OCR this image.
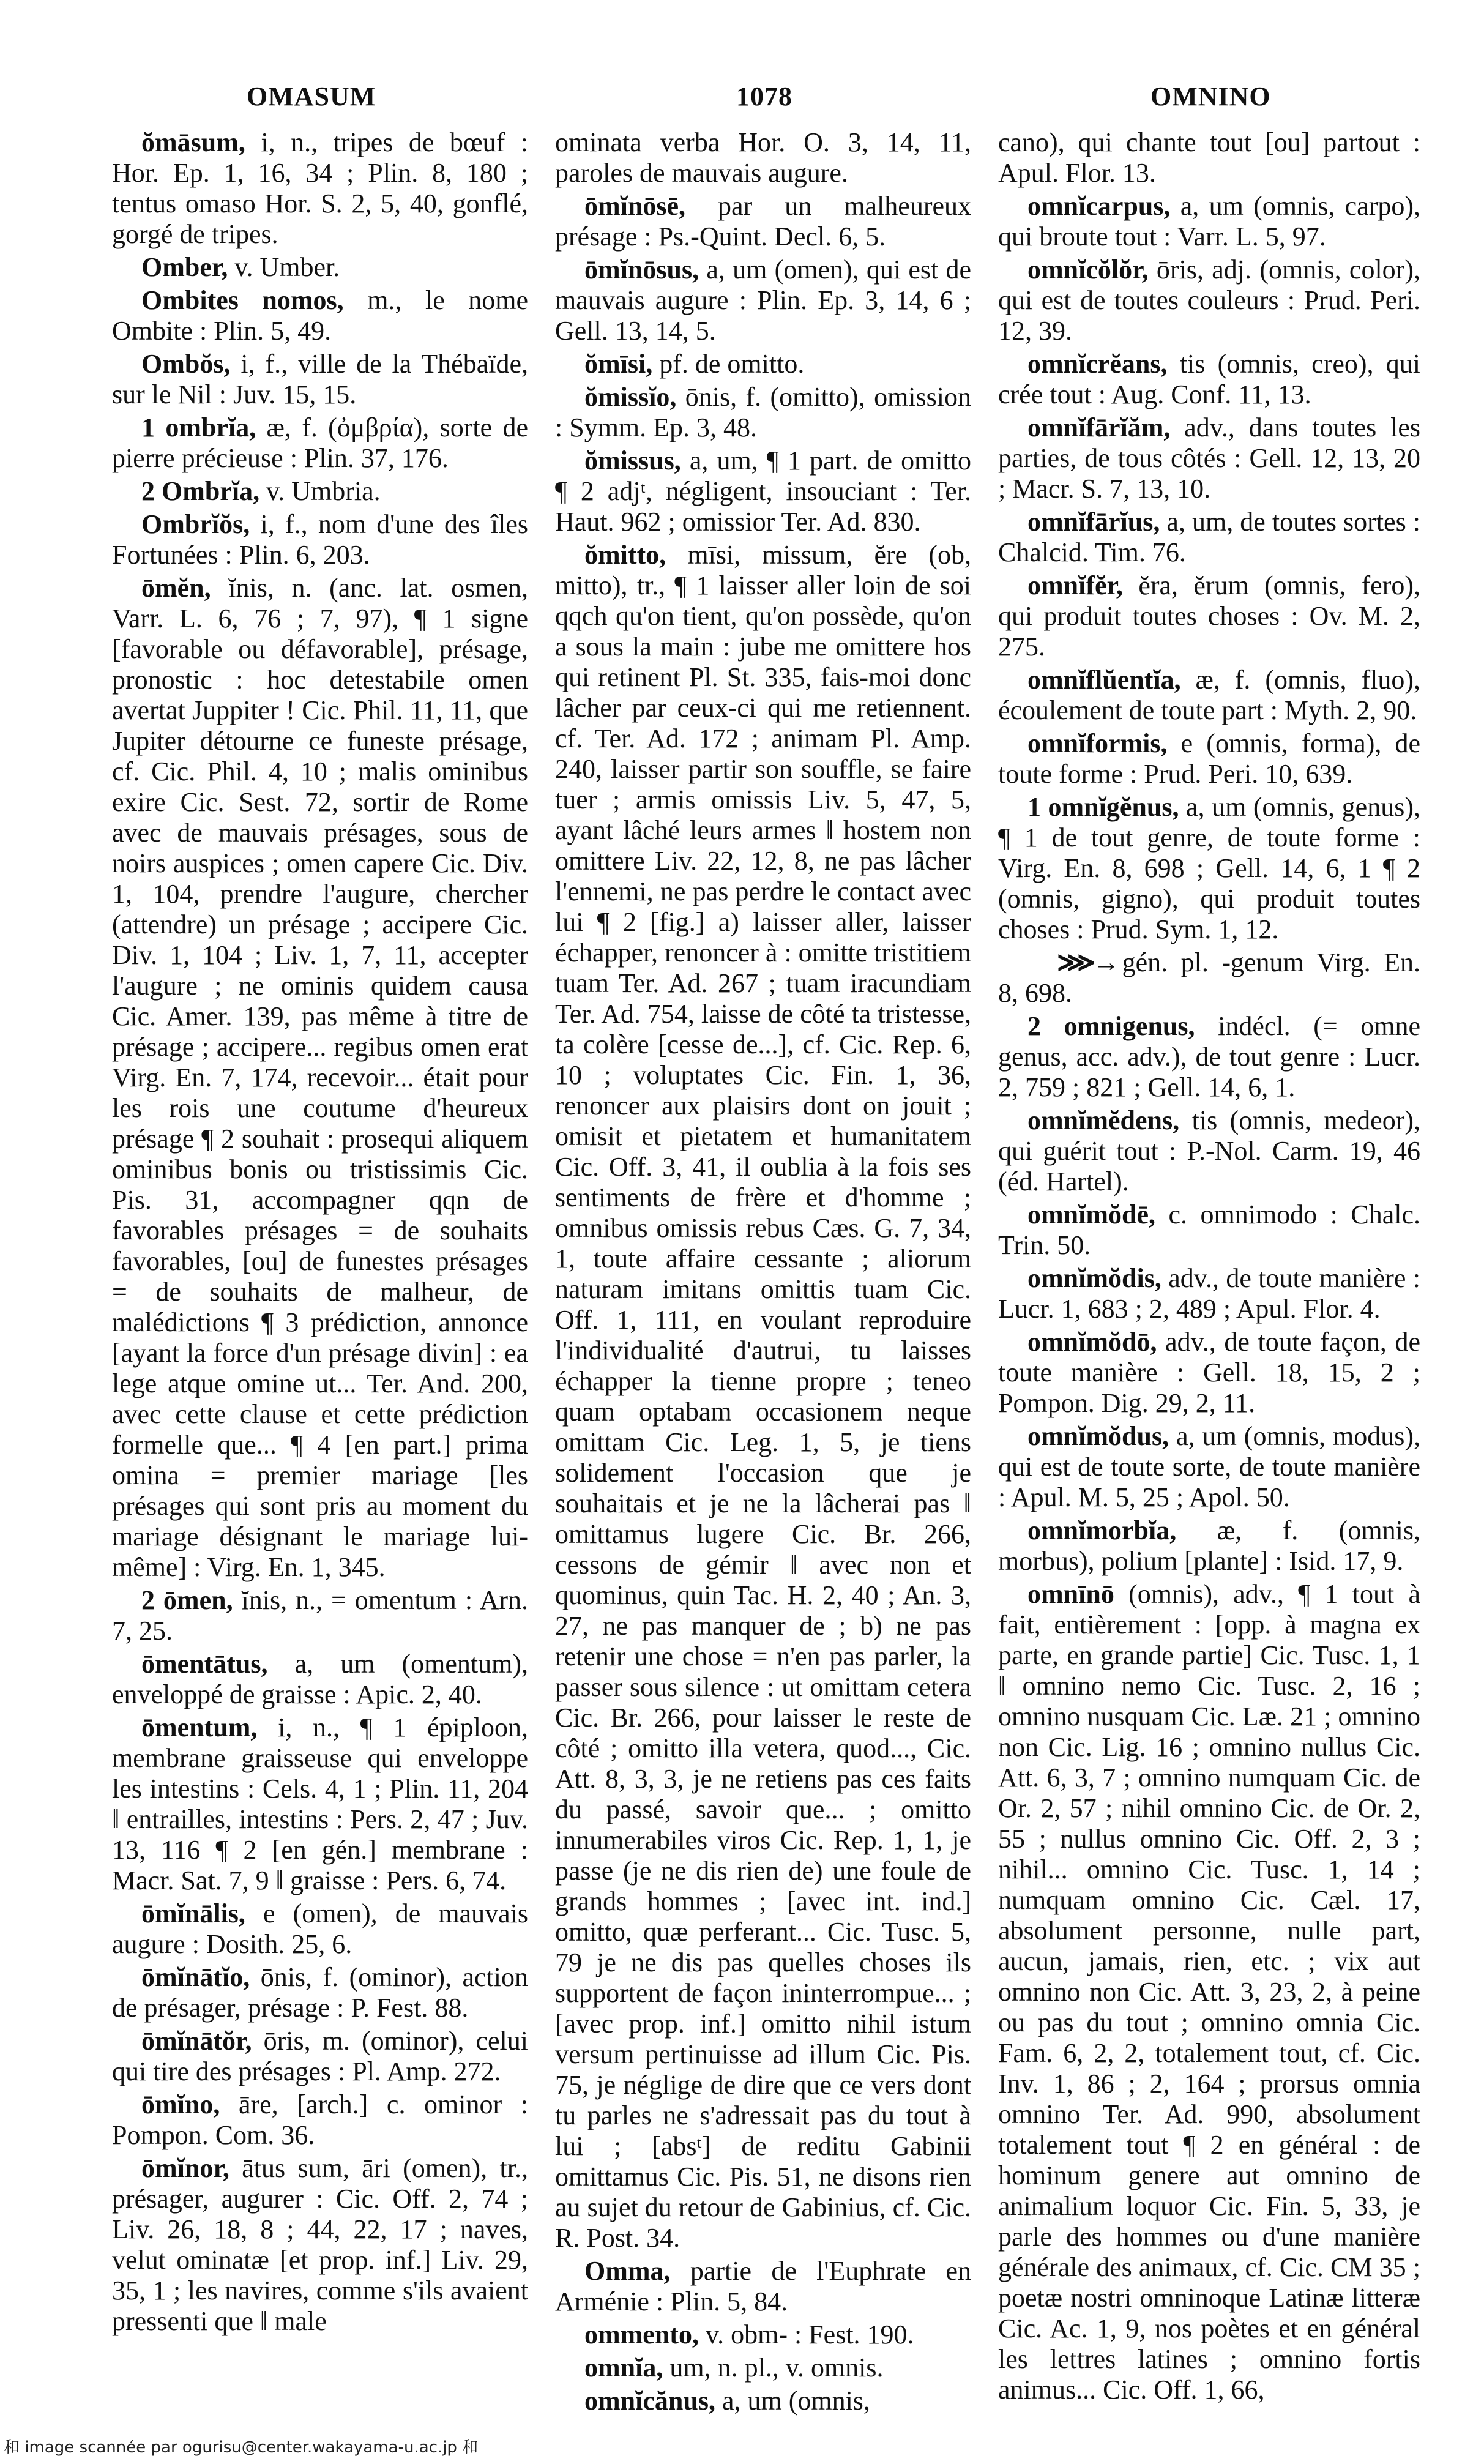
OMASUM	1078	OMNINO

ŏmāsum, i, n., tripes de bœuf : Hor. Ep. 1, 16, 34 ; Plin. 8, 180 ; tentus omaso Hor. S. 2, 5, 40, gonflé, gorgé de tripes.

Omber, v. Umber.

Ombites nomos, m., le nome Ombite : Plin. 5, 49.

Ombŏs, i, f., ville de la Thébaïde, sur le Nil : Juv. 15, 15.

1 ombrĭa, æ, f. (ὀμβρία), sorte de pierre précieuse : Plin. 37, 176.

2 Ombrĭa, v. Umbria.

Ombrĭŏs, i, f., nom d'une des îles Fortunées : Plin. 6, 203.

ōmĕn, ĭnis, n. (anc. lat. osmen, Varr. L. 6, 76 ; 7, 97), ¶ 1 signe [favorable ou défavorable], présage, pronostic : hoc detestabile omen avertat Juppiter ! Cic. Phil. 11, 11, que Jupiter détourne ce funeste présage, cf. Cic. Phil. 4, 10 ; malis ominibus exire Cic. Sest. 72, sortir de Rome avec de mauvais présages, sous de noirs auspices ; omen capere Cic. Div. 1, 104, prendre l'augure, chercher (attendre) un présage ; accipere Cic. Div. 1, 104 ; Liv. 1, 7, 11, accepter l'augure ; ne ominis quidem causa Cic. Amer. 139, pas même à titre de présage ; accipere... regibus omen erat Virg. En. 7, 174, recevoir... était pour les rois une coutume d'heureux présage ¶ 2 souhait : prosequi aliquem ominibus bonis ou tristissimis Cic. Pis. 31, accompagner qqn de favorables présages = de souhaits favorables, [ou] de funestes présages = de souhaits de malheur, de malédictions ¶ 3 prédiction, annonce [ayant la force d'un présage divin] : ea lege atque omine ut... Ter. And. 200, avec cette clause et cette prédiction formelle que... ¶ 4 [en part.] prima omina = premier mariage [les présages qui sont pris au moment du mariage désignant le mariage lui-même] : Virg. En. 1, 345.

2 ōmen, ĭnis, n., = omentum : Arn. 7, 25.

ōmentātus, a, um (omentum), enveloppé de graisse : Apic. 2, 40.

ōmentum, i, n., ¶ 1 épiploon, membrane graisseuse qui enveloppe les intestins : Cels. 4, 1 ; Plin. 11, 204 ‖ entrailles, intestins : Pers. 2, 47 ; Juv. 13, 116 ¶ 2 [en gén.] membrane : Macr. Sat. 7, 9 ‖ graisse : Pers. 6, 74.

ōmĭnālis, e (omen), de mauvais augure : Dosith. 25, 6.

ōmĭnātĭo, ōnis, f. (ominor), action de présager, présage : P. Fest. 88.

ōmĭnātŏr, ōris, m. (ominor), celui qui tire des présages : Pl. Amp. 272.

ōmĭno, āre, [arch.] c. ominor : Pompon. Com. 36.

ōmĭnor, ātus sum, āri (omen), tr., présager, augurer : Cic. Off. 2, 74 ; Liv. 26, 18, 8 ; 44, 22, 17 ; naves, velut ominatæ [et prop. inf.] Liv. 29, 35, 1 ; les navires, comme s'ils avaient pressenti que ‖ male

ominata verba Hor. O. 3, 14, 11, paroles de mauvais augure.

ōmĭnōsē, par un malheureux présage : Ps.-Quint. Decl. 6, 5.

ōmĭnōsus, a, um (omen), qui est de mauvais augure : Plin. Ep. 3, 14, 6 ; Gell. 13, 14, 5.

ŏmīsi, pf. de omitto.

ŏmissĭo, ōnis, f. (omitto), omission : Symm. Ep. 3, 48.

ŏmissus, a, um, ¶ 1 part. de omitto ¶ 2 adjᵗ, négligent, insouciant : Ter. Haut. 962 ; omissior Ter. Ad. 830.

ŏmitto, mīsi, missum, ĕre (ob, mitto), tr., ¶ 1 laisser aller loin de soi qqch qu'on tient, qu'on possède, qu'on a sous la main : jube me omittere hos qui retinent Pl. St. 335, fais-moi donc lâcher par ceux-ci qui me retiennent. cf. Ter. Ad. 172 ; animam Pl. Amp. 240, laisser partir son souffle, se faire tuer ; armis omissis Liv. 5, 47, 5, ayant lâché leurs armes ‖ hostem non omittere Liv. 22, 12, 8, ne pas lâcher l'ennemi, ne pas perdre le contact avec lui ¶ 2 [fig.] a) laisser aller, laisser échapper, renoncer à : omitte tristitiem tuam Ter. Ad. 267 ; tuam iracundiam Ter. Ad. 754, laisse de côté ta tristesse, ta colère [cesse de...], cf. Cic. Rep. 6, 10 ; voluptates Cic. Fin. 1, 36, renoncer aux plaisirs dont on jouit ; omisit et pietatem et humanitatem Cic. Off. 3, 41, il oublia à la fois ses sentiments de frère et d'homme ; omnibus omissis rebus Cæs. G. 7, 34, 1, toute affaire cessante ; aliorum naturam imitans omittis tuam Cic. Off. 1, 111, en voulant reproduire l'individualité d'autrui, tu laisses échapper la tienne propre ; teneo quam optabam occasionem neque omittam Cic. Leg. 1, 5, je tiens solidement l'occasion que je souhaitais et je ne la lâcherai pas ‖ omittamus lugere Cic. Br. 266, cessons de gémir ‖ avec non et quominus, quin Tac. H. 2, 40 ; An. 3, 27, ne pas manquer de ; b) ne pas retenir une chose = n'en pas parler, la passer sous silence : ut omittam cetera Cic. Br. 266, pour laisser le reste de côté ; omitto illa vetera, quod..., Cic. Att. 8, 3, 3, je ne retiens pas ces faits du passé, savoir que... ; omitto innumerabiles viros Cic. Rep. 1, 1, je passe (je ne dis rien de) une foule de grands hommes ; [avec int. ind.] omitto, quæ perferant... Cic. Tusc. 5, 79 je ne dis pas quelles choses ils supportent de façon ininterrompue... ; [avec prop. inf.] omitto nihil istum versum pertinuisse ad illum Cic. Pis. 75, je néglige de dire que ce vers dont tu parles ne s'adressait pas du tout à lui ; [absᵗ] de reditu Gabinii omittamus Cic. Pis. 51, ne disons rien au sujet du retour de Gabinius, cf. Cic. R. Post. 34.

Omma, partie de l'Euphrate en Arménie : Plin. 5, 84.

ommento, v. obm- : Fest. 190.

omnĭa, um, n. pl., v. omnis.

omnĭcănus, a, um (omnis,

cano), qui chante tout [ou] partout : Apul. Flor. 13.

omnĭcarpus, a, um (omnis, carpo), qui broute tout : Varr. L. 5, 97.

omnĭcŏlŏr, ōris, adj. (omnis, color), qui est de toutes couleurs : Prud. Peri. 12, 39.

omnĭcrĕans, tis (omnis, creo), qui crée tout : Aug. Conf. 11, 13.

omnĭfārĭăm, adv., dans toutes les parties, de tous côtés : Gell. 12, 13, 20 ; Macr. S. 7, 13, 10.

omnĭfārĭus, a, um, de toutes sortes : Chalcid. Tim. 76.

omnĭfĕr, ĕra, ĕrum (omnis, fero), qui produit toutes choses : Ov. M. 2, 275.

omnĭflŭentĭa, æ, f. (omnis, fluo), écoulement de toute part : Myth. 2, 90.

omnĭformis, e (omnis, forma), de toute forme : Prud. Peri. 10, 639.

1 omnĭgĕnus, a, um (omnis, genus), ¶ 1 de tout genre, de toute forme : Virg. En. 8, 698 ; Gell. 14, 6, 1 ¶ 2 (omnis, gigno), qui produit toutes choses : Prud. Sym. 1, 12.

⋙→ gén. pl. -genum Virg. En. 8, 698.

2 omnigenus, indécl. (= omne genus, acc. adv.), de tout genre : Lucr. 2, 759 ; 821 ; Gell. 14, 6, 1.

omnĭmĕdens, tis (omnis, medeor), qui guérit tout : P.-Nol. Carm. 19, 46 (éd. Hartel).

omnĭmŏdē, c. omnimodo : Chalc. Trin. 50.

omnĭmŏdis, adv., de toute manière : Lucr. 1, 683 ; 2, 489 ; Apul. Flor. 4.

omnĭmŏdō, adv., de toute façon, de toute manière : Gell. 18, 15, 2 ; Pompon. Dig. 29, 2, 11.

omnĭmŏdus, a, um (omnis, modus), qui est de toute sorte, de toute manière : Apul. M. 5, 25 ; Apol. 50.

omnĭmorbĭa, æ, f. (omnis, morbus), polium [plante] : Isid. 17, 9.

omnīnō (omnis), adv., ¶ 1 tout à fait, entièrement : [opp. à magna ex parte, en grande partie] Cic. Tusc. 1, 1 ‖ omnino nemo Cic. Tusc. 2, 16 ; omnino nusquam Cic. Læ. 21 ; omnino non Cic. Lig. 16 ; omnino nullus Cic. Att. 6, 3, 7 ; omnino numquam Cic. de Or. 2, 57 ; nihil omnino Cic. de Or. 2, 55 ; nullus omnino Cic. Off. 2, 3 ; nihil... omnino Cic. Tusc. 1, 14 ; numquam omnino Cic. Cæl. 17, absolument personne, nulle part, aucun, jamais, rien, etc. ; vix aut omnino non Cic. Att. 3, 23, 2, à peine ou pas du tout ; omnino omnia Cic. Fam. 6, 2, 2, totalement tout, cf. Cic. Inv. 1, 86 ; 2, 164 ; prorsus omnia omnino Ter. Ad. 990, absolument totalement tout ¶ 2 en général : de hominum genere aut omnino de animalium loquor Cic. Fin. 5, 33, je parle des hommes ou d'une manière générale des animaux, cf. Cic. CM 35 ; poetæ nostri omninoque Latinæ litteræ Cic. Ac. 1, 9, nos poètes et en général les lettres latines ; omnino fortis animus... Cic. Off. 1, 66,

和 image scannée par ogurisu@center.wakayama-u.ac.jp 和
